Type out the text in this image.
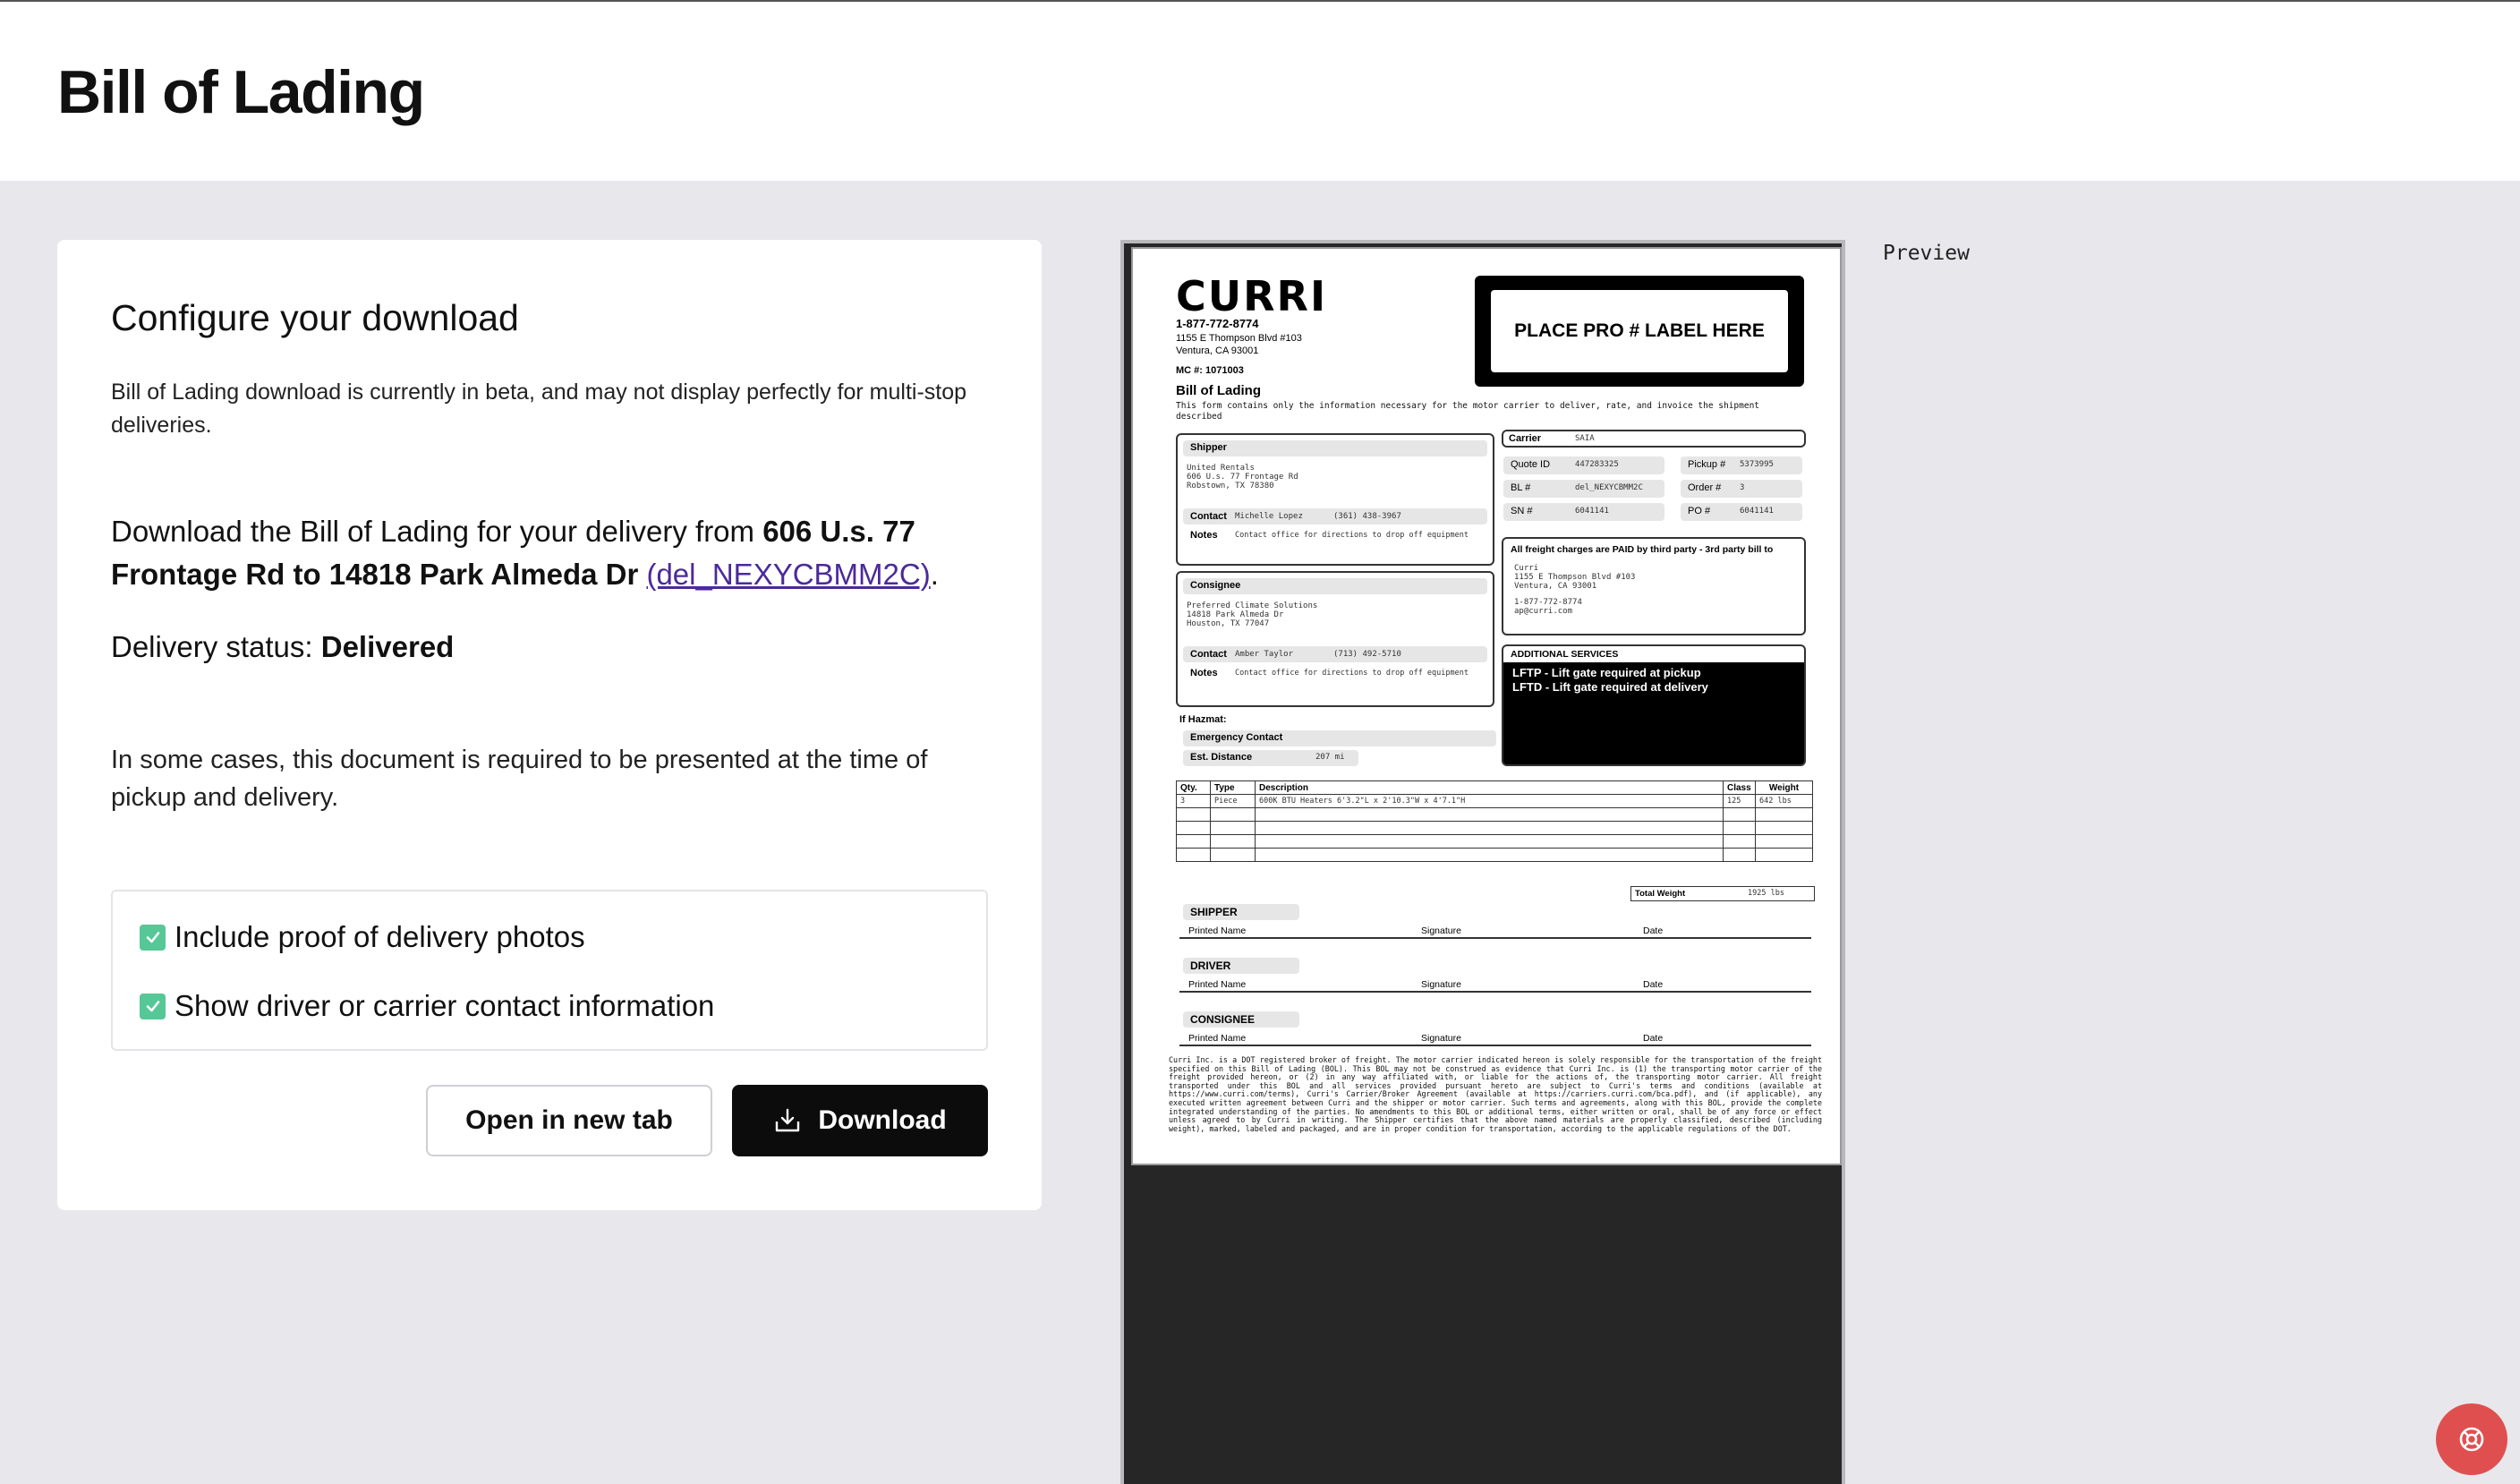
Bill of Lading
Configure your download
Bill of Lading download is currently in beta, and may not display perfectly for multi-stop deliveries.
Download the Bill of Lading for your delivery from 606 U.s. 77 Frontage Rd to 14818 Park Almeda Dr (del_NEXYCBMM2C).
Delivery status: Delivered
In some cases, this document is required to be presented at the time of pickup and delivery.
Include proof of delivery photos
Show driver or carrier contact information
Open in new tab	Download
CURRI
1-877-772-8774
1155 E Thompson Blvd #103
Ventura, CA 93001
MC #: 1071003
PLACE PRO # LABEL HERE
Bill of Lading
This form contains only the information necessary for the motor carrier to deliver, rate, and invoice the shipment described
Shipper
United Rentals
606 U.s. 77 Frontage Rd
Robstown, TX 78380
Contact Michelle Lopez	(361) 438-3967
Notes Contact office for directions to drop off equipment
Consignee
Preferred Climate Solutions
14818 Park Almeda Dr
Houston, TX 77047
Contact Amber Taylor	(713) 492-5710
Notes Contact office for directions to drop off equipment
Carrier	SAIA
Quote ID	447283325	Pickup # 5373995
BL #	del_NEXYCBMM2C	Order # 3
SN #	6041141	PO #	6041141
All freight charges are PAID by third party - 3rd party bill to
Curri
1155 E Thompson Blvd #103
Ventura, CA 93001
1-877-772-8774
ap@curri.com
ADDITIONAL SERVICES
LFTP - Lift gate required at pickup
LFTD - Lift gate required at delivery
If Hazmat:
Emergency Contact
Est. Distance	207 mi
Qty.	Type	Description	Class	Weight
3	Piece	600K BTU Heaters 6'3.2"L x 2'10.3"W x 4'7.1"H	125	642 lbs

Total Weight	1925 lbs
SHIPPER
Printed Name	Signature	Date
DRIVER
Printed Name	Signature	Date
CONSIGNEE
Printed Name	Signature	Date
Curri Inc. is a DOT registered broker of freight. The motor carrier indicated hereon is solely responsible for the transportation of the freight specified on this Bill of Lading (BOL). This BOL may not be construed as evidence that Curri Inc. is (1) the transporting motor carrier of the freight provided hereon, or (2) in any way affiliated with, or liable for the actions of, the transporting motor carrier. All freight transported under this BOL and all services provided pursuant hereto are subject to Curri's terms and conditions (available at https://www.curri.com/terms), Curri's Carrier/Broker Agreement (available at https://carriers.curri.com/bca.pdf), and (if applicable), any executed written agreement between Curri and the shipper or motor carrier. Such terms and agreements, along with this BOL, provide the complete integrated understanding of the parties. No amendments to this BOL or additional terms, either written or oral, shall be of any force or effect unless agreed to by Curri in writing. The Shipper certifies that the above named materials are properly classified, described (including weight), marked, labeled and packaged, and are in proper condition for transportation, according to the applicable regulations of the DOT.
Preview
